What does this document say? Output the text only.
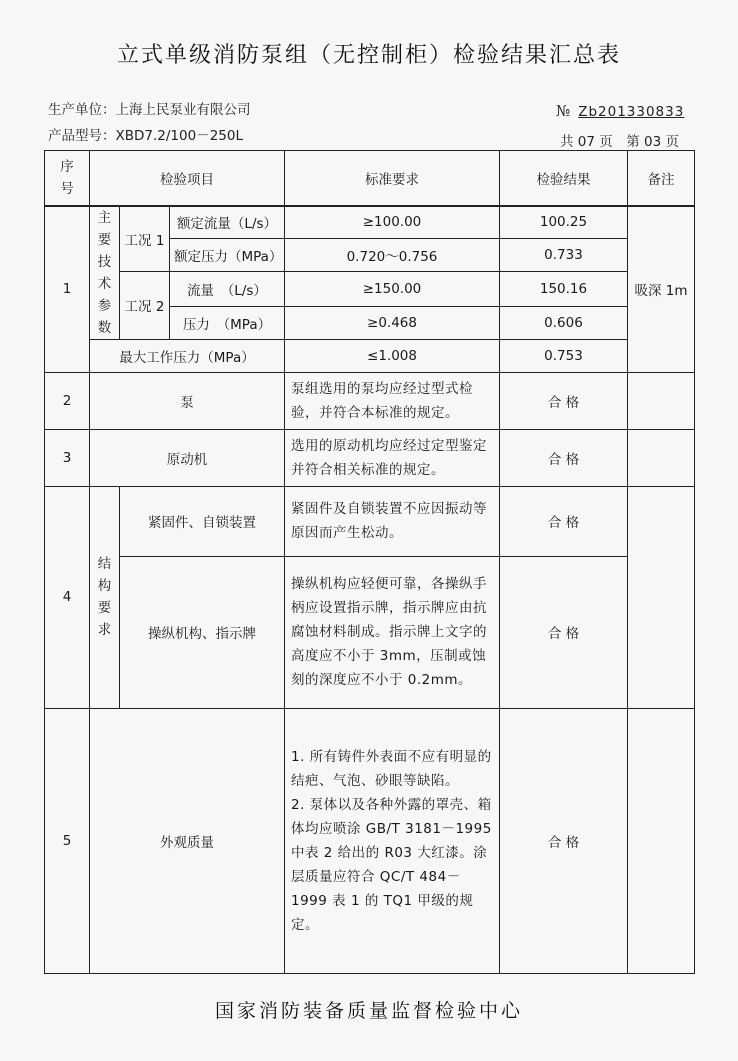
立式单级消防泵组（无控制柜）检验结果汇总表
生产单位：上海上民泵业有限公司
产品型号：XBD7.2/100－250L
№ Zb201330833
共 07 页　第 03 页
序号	检验项目			标准要求	检验结果	备注
1	主要技术参数	工况 1	额定流量（L/s）	≥100.00	100.25	吸深 1m
			额定压力（MPa）	0.720～0.756	0.733	
		工况 2	流量　（L/s）	≥150.00	150.16	
			压力　（MPa）	≥0.468	0.606	
	最大工作压力（MPa）			≤1.008	0.753	
2	泵			泵组选用的泵均应经过型式检验，并符合本标准的规定。	合 格	
3	原动机			选用的原动机均应经过定型鉴定并符合相关标准的规定。	合 格	
4	结构要求	紧固件、自锁装置		紧固件及自锁装置不应因振动等原因而产生松动。	合 格	
		操纵机构、指示牌		操纵机构应轻便可靠，各操纵手柄应设置指示牌，指示牌应由抗腐蚀材料制成。指示牌上文字的高度应不小于 3mm，压制或蚀刻的深度应不小于 0.2mm。	合 格	
5	外观质量			1. 所有铸件外表面不应有明显的结疤、气泡、砂眼等缺陷。
2. 泵体以及各种外露的罩壳、箱体均应喷涂 GB/T 3181－1995 中表 2 给出的 R03 大红漆。涂层质量应符合 QC/T 484－1999 表 1 的 TQ1 甲级的规定。	合 格	
国家消防装备质量监督检验中心
